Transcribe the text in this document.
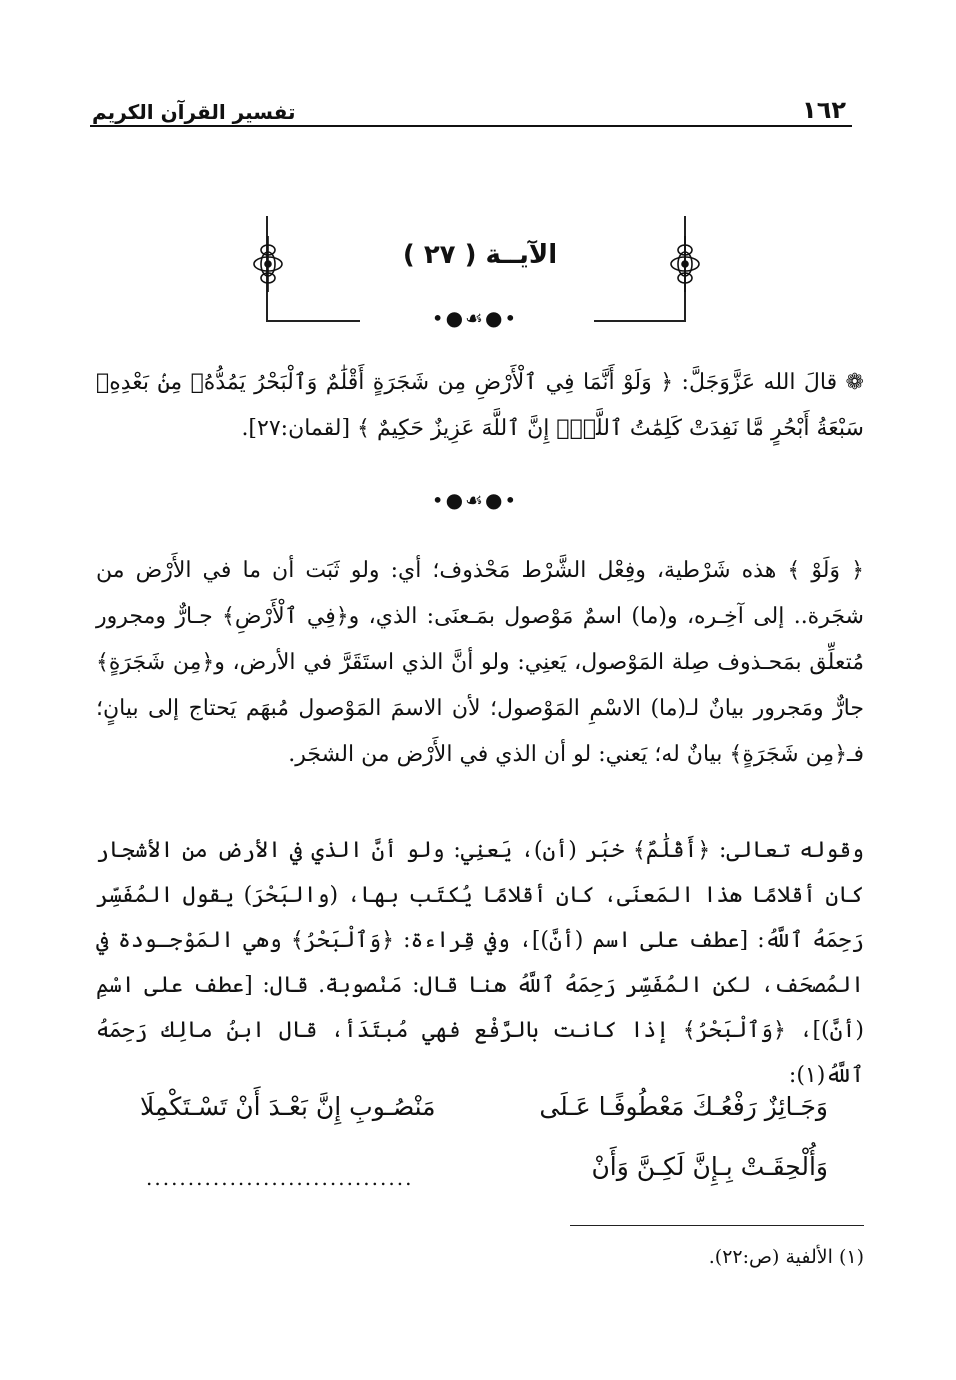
١٦٢
تفسير القرآن الكريم
الآيــة ( ٢٧ )
•●☙●•
❁ قالَ الله عَزَّوَجَلَّ: ﴿ وَلَوْ أَنَّمَا فِي ٱلْأَرْضِ مِن شَجَرَةٍ أَقْلَٰمٌ وَٱلْبَحْرُ يَمُدُّهُۥ مِنۢ بَعْدِهِۦ سَبْعَةُ أَبْحُرٍ مَّا نَفِدَتْ كَلِمَٰتُ ٱللَّهِۗ إِنَّ ٱللَّهَ عَزِيزٌ حَكِيمٌ ﴾ [لقمان:٢٧].
•●☙●•
﴿ وَلَوْ ﴾ هذه شَرْطية، وفِعْل الشَّرْط مَحْذوف؛ أي: ولو ثَبَت أن ما في الأَرْض من شجَرة.. إلى آخِـره، و(ما) اسمٌ مَوْصول بمَـعنَى: الذي، و﴿فِي ٱلْأَرْضِ﴾ جـارٌّ ومجرور مُتعلِّق بمَحـذوف صِلة المَوْصول، يَعنِي: ولو أنَّ الذي استَقَرَّ في الأرض، و﴿مِن شَجَرَةٍ﴾ جارٌّ ومَجرور بيانٌ لـ(ما) الاسْمِ المَوْصول؛ لأن الاسمَ المَوْصول مُبهَم يَحتاج إلى بيانٍ؛ فـ﴿مِن شَجَرَةٍ﴾ بيانٌ له؛ يَعني: لو أن الذي في الأَرْض من الشجَر.
وقوله تعالى: ﴿أَقْلَٰمٌ﴾ خبَر (أن)، يَعنِي: ولو أنَّ الذي في الأرض من الأشجار كان أقلامًا هذا المَعنَى، كان أقلامًا يُكتَب بها، (والبَحْرَ) يقول المُفَسِّر رَحِمَهُ ٱللَّهُ: [عطف على اسم (أنَّ)]، وفي قِراءة: ﴿وَٱلْبَحْرُ﴾ وهي المَوْجـودة في المُصحَف، لكن المُفَسِّر رَحِمَهُ ٱللَّهُ هنا قال: مَنْصوبة. قال: [عطف على اسْمِ (أنَّ)]، ﴿وَٱلْبَحْرُ﴾ إذا كانت بالرَّفْع فهي مُبتَدَأ، قال ابنُ مالِك رَحِمَهُ ٱللَّهُ(١):
وَجَـائِزٌ رَفْعُـكَ مَعْطُوفًـا عَـلَى
مَنْصُـوبِ إِنَّ بَعْـدَ أَنْ تَسْـتَكْمِلَا
وَأُلْحِقَـتْ بِـإِنَّ لَكِـنَّ وَأَنْ
................................
(١) الألفية (ص:٢٢).
